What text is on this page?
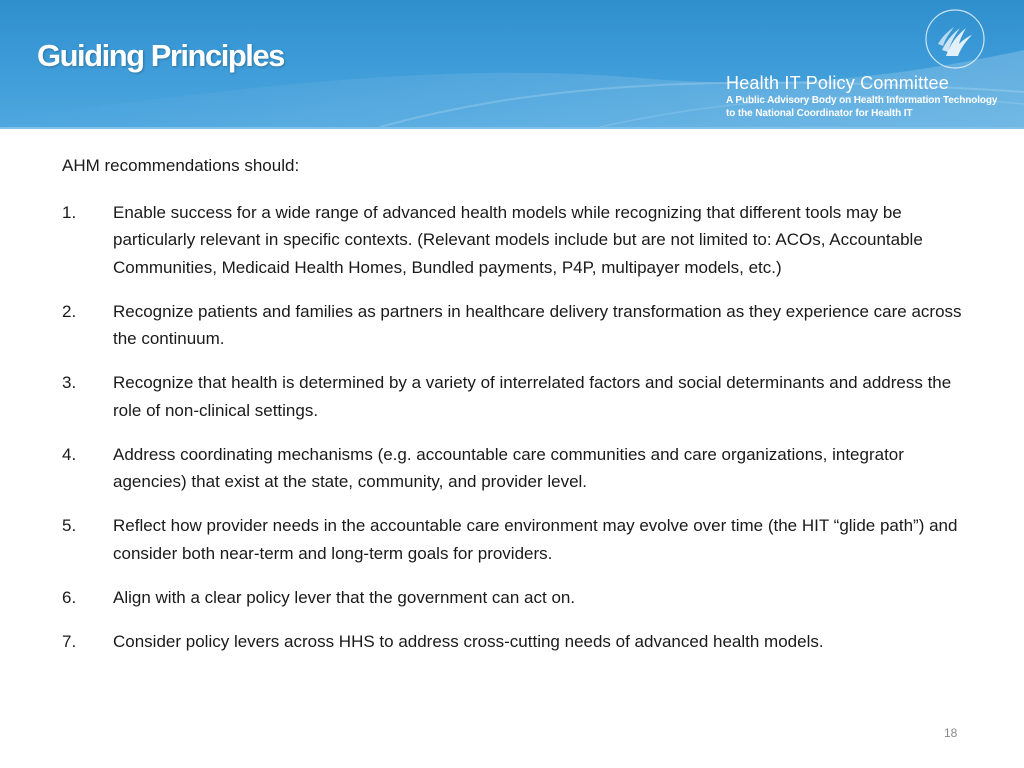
Guiding Principles
Health IT Policy Committee
A Public Advisory Body on Health Information Technology
to the National Coordinator for Health IT

AHM recommendations should:

1.	Enable success for a wide range of advanced health models while recognizing that different tools may be particularly relevant in specific contexts. (Relevant models include but are not limited to: ACOs, Accountable Communities, Medicaid Health Homes, Bundled payments, P4P, multipayer models, etc.)
2.	Recognize patients and families as partners in healthcare delivery transformation as they experience care across the continuum.
3.	Recognize that health is determined by a variety of interrelated factors and social determinants and address the role of non-clinical settings.
4.	Address coordinating mechanisms (e.g. accountable care communities and care organizations, integrator agencies) that exist at the state, community, and provider level.
5.	Reflect how provider needs in the accountable care environment may evolve over time (the HIT “glide path”) and consider both near-term and long-term goals for providers.
6.	Align with a clear policy lever that the government can act on.
7.	Consider policy levers across HHS to address cross-cutting needs of advanced health models.
18
